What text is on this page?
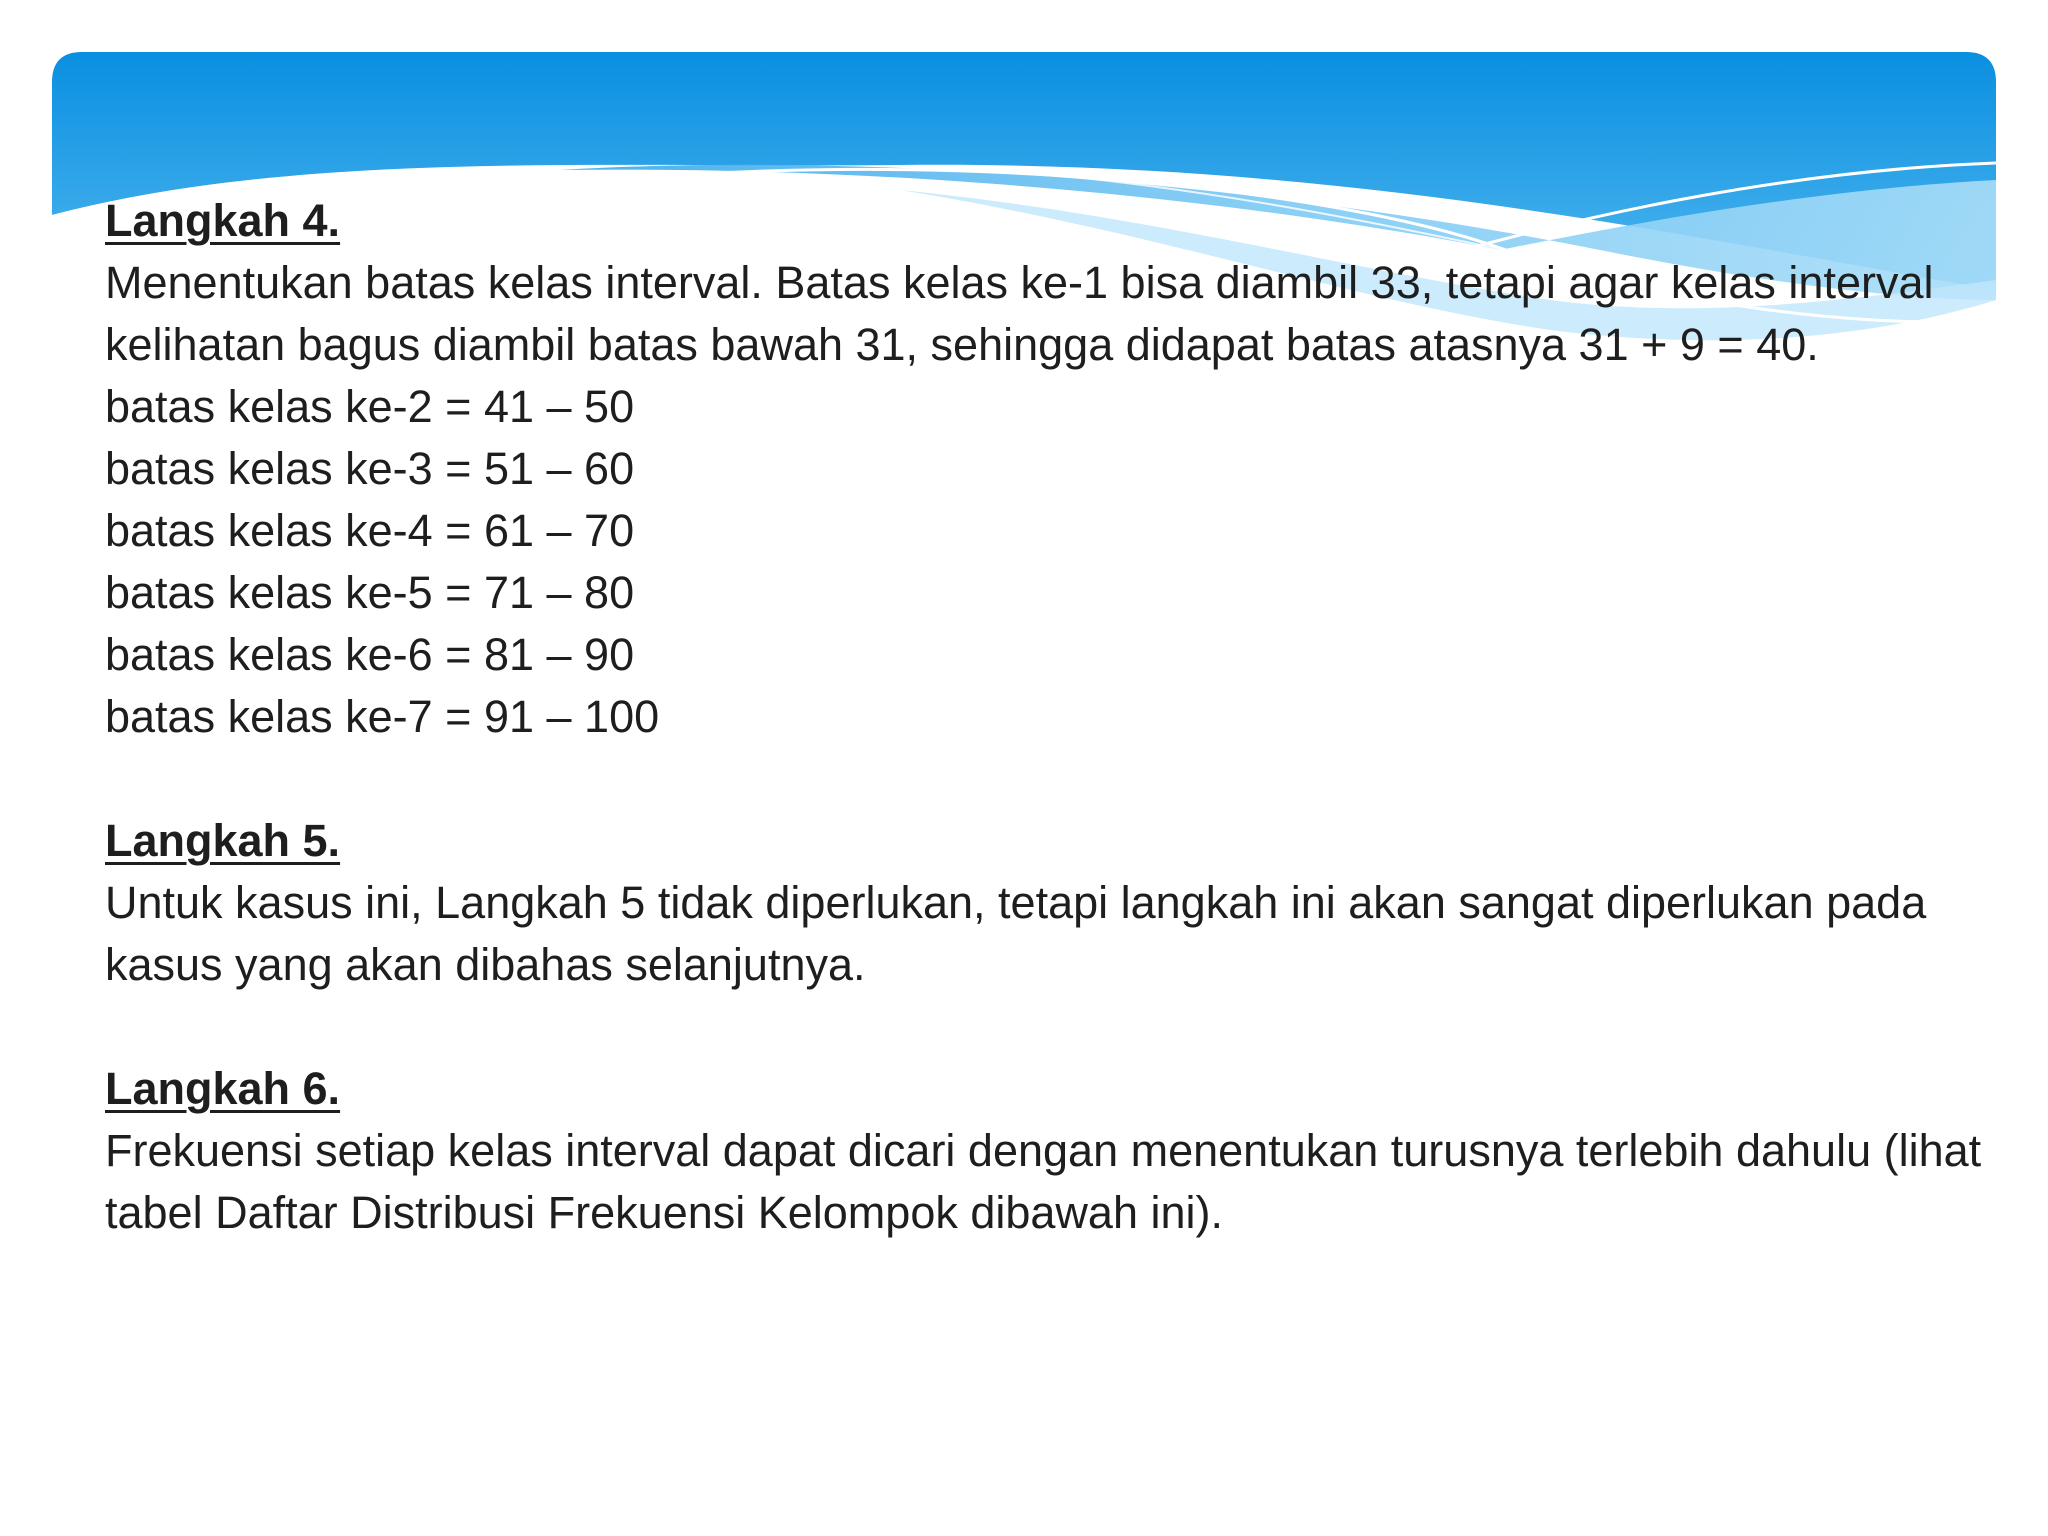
Langkah 4.

Menentukan batas kelas interval. Batas kelas ke-1 bisa diambil 33, tetapi agar kelas interval kelihatan bagus diambil batas bawah 31, sehingga didapat batas atasnya 31 + 9 = 40.

batas kelas ke-2 = 41 – 50

batas kelas ke-3 = 51 – 60

batas kelas ke-4 = 61 – 70

batas kelas ke-5 = 71 – 80

batas kelas ke-6 = 81 – 90

batas kelas ke-7 = 91 – 100

Langkah 5.

Untuk kasus ini, Langkah 5 tidak diperlukan, tetapi langkah ini akan sangat diperlukan pada kasus yang akan dibahas selanjutnya.

Langkah 6.

Frekuensi setiap kelas interval dapat dicari dengan menentukan turusnya terlebih dahulu (lihat tabel Daftar Distribusi Frekuensi Kelompok dibawah ini).
